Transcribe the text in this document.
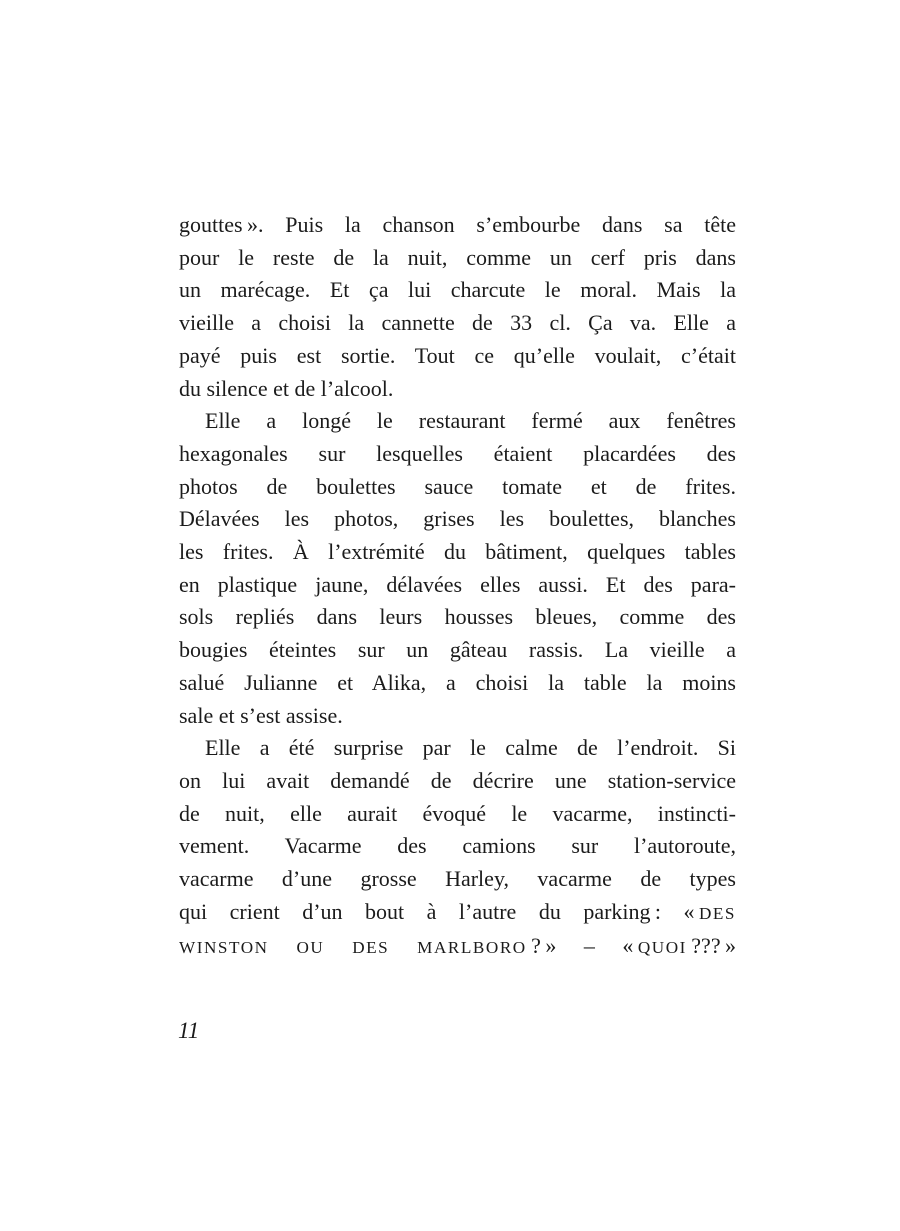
gouttes ». Puis la chanson s’embourbe dans sa tête
pour le reste de la nuit, comme un cerf pris dans
un marécage. Et ça lui charcute le moral. Mais la
vieille a choisi la cannette de 33 cl. Ça va. Elle a
payé puis est sortie. Tout ce qu’elle voulait, c’était
du silence et de l’alcool.
Elle a longé le restaurant fermé aux fenêtres
hexagonales sur lesquelles étaient placardées des
photos de boulettes sauce tomate et de frites.
Délavées les photos, grises les boulettes, blanches
les frites. À l’extrémité du bâtiment, quelques tables
en plastique jaune, délavées elles aussi. Et des para-
sols repliés dans leurs housses bleues, comme des
bougies éteintes sur un gâteau rassis. La vieille a
salué Julianne et Alika, a choisi la table la moins
sale et s’est assise.
Elle a été surprise par le calme de l’endroit. Si
on lui avait demandé de décrire une station-service
de nuit, elle aurait évoqué le vacarme, instincti-
vement. Vacarme des camions sur l’autoroute,
vacarme d’une grosse Harley, vacarme de types
qui crient d’un bout à l’autre du parking : « DES
WINSTON OU DES MARLBORO ? » – « QUOI ??? »
11
